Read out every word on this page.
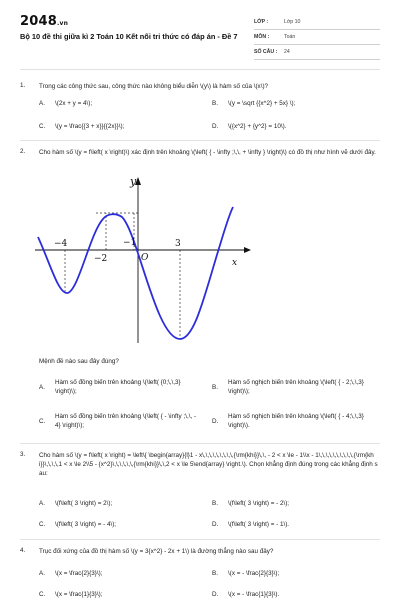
2048.vn
Bộ 10 đề thi giữa kì 2 Toán 10 Kết nối tri thức có đáp án - Đề 7
LỚP :	Lớp 10
MÔN :	Toán
SỐ CÂU : 24
1. Trong các công thức sau, công thức nào không biểu diễn \(y\) là hàm số của \(x\)?
A. \(2x + y = 4\);	B. \(y = \sqrt {{x^2} + 5x} \);
C. \(y = \frac{{3 + x}}{{2x}}\);	D. \({x^2} + {y^2} = 10\).
2. Cho hàm số \(y = f\left( x \right)\) xác định trên khoảng \(\left( { - \infty ;\,\, + \infty } \right)\) có đồ thị như hình vẽ dưới đây.
y
x
O
−4
−2
−1	3
Mệnh đề nào sau đây đúng?
A.
Hàm số đồng biến trên khoảng \(\left( {0;\,\,3} \right)\);
B.
Hàm số nghịch biến trên khoảng \(\left( { - 2;\,\,3} \right)\);
C.
Hàm số đồng biến trên khoảng \(\left( { - \infty ;\,\, - 4} \right)\);
D.
Hàm số nghịch biến trên khoảng \(\left( { - 4;\,\,3} \right)\).
3. Cho hàm số \(y = f\left( x \right) = \left\{ \begin{array}{l}1 - x\,\,\,\,\,\,\,\,\,{\rm{khi}}\,\, - 2 < x \le - 1\\x - 1\,\,\,\,\,\,\,\,\,\,{\rm{khi}}\,\,\,\,1 < x \le 2\\5 - {x^2}\,\,\,\,\,\,{\rm{khi}}\,\,2 < x \le 5\end{array} \right.\). Chọn khẳng định đúng trong các khẳng định sau:
A. \(f\left( 3 \right) = 2\);	B. \(f\left( 3 \right) = - 2\);
C. \(f\left( 3 \right) = - 4\);	D. \(f\left( 3 \right) = - 1\).
4. Trục đối xứng của đồ thị hàm số \(y = 3{x^2} - 2x + 1\) là đường thẳng nào sau đây?
A. \(x = \frac{2}{3}\);	B. \(x = - \frac{2}{3}\);
C. \(x = \frac{1}{3}\);	D. \(x = - \frac{1}{3}\).
